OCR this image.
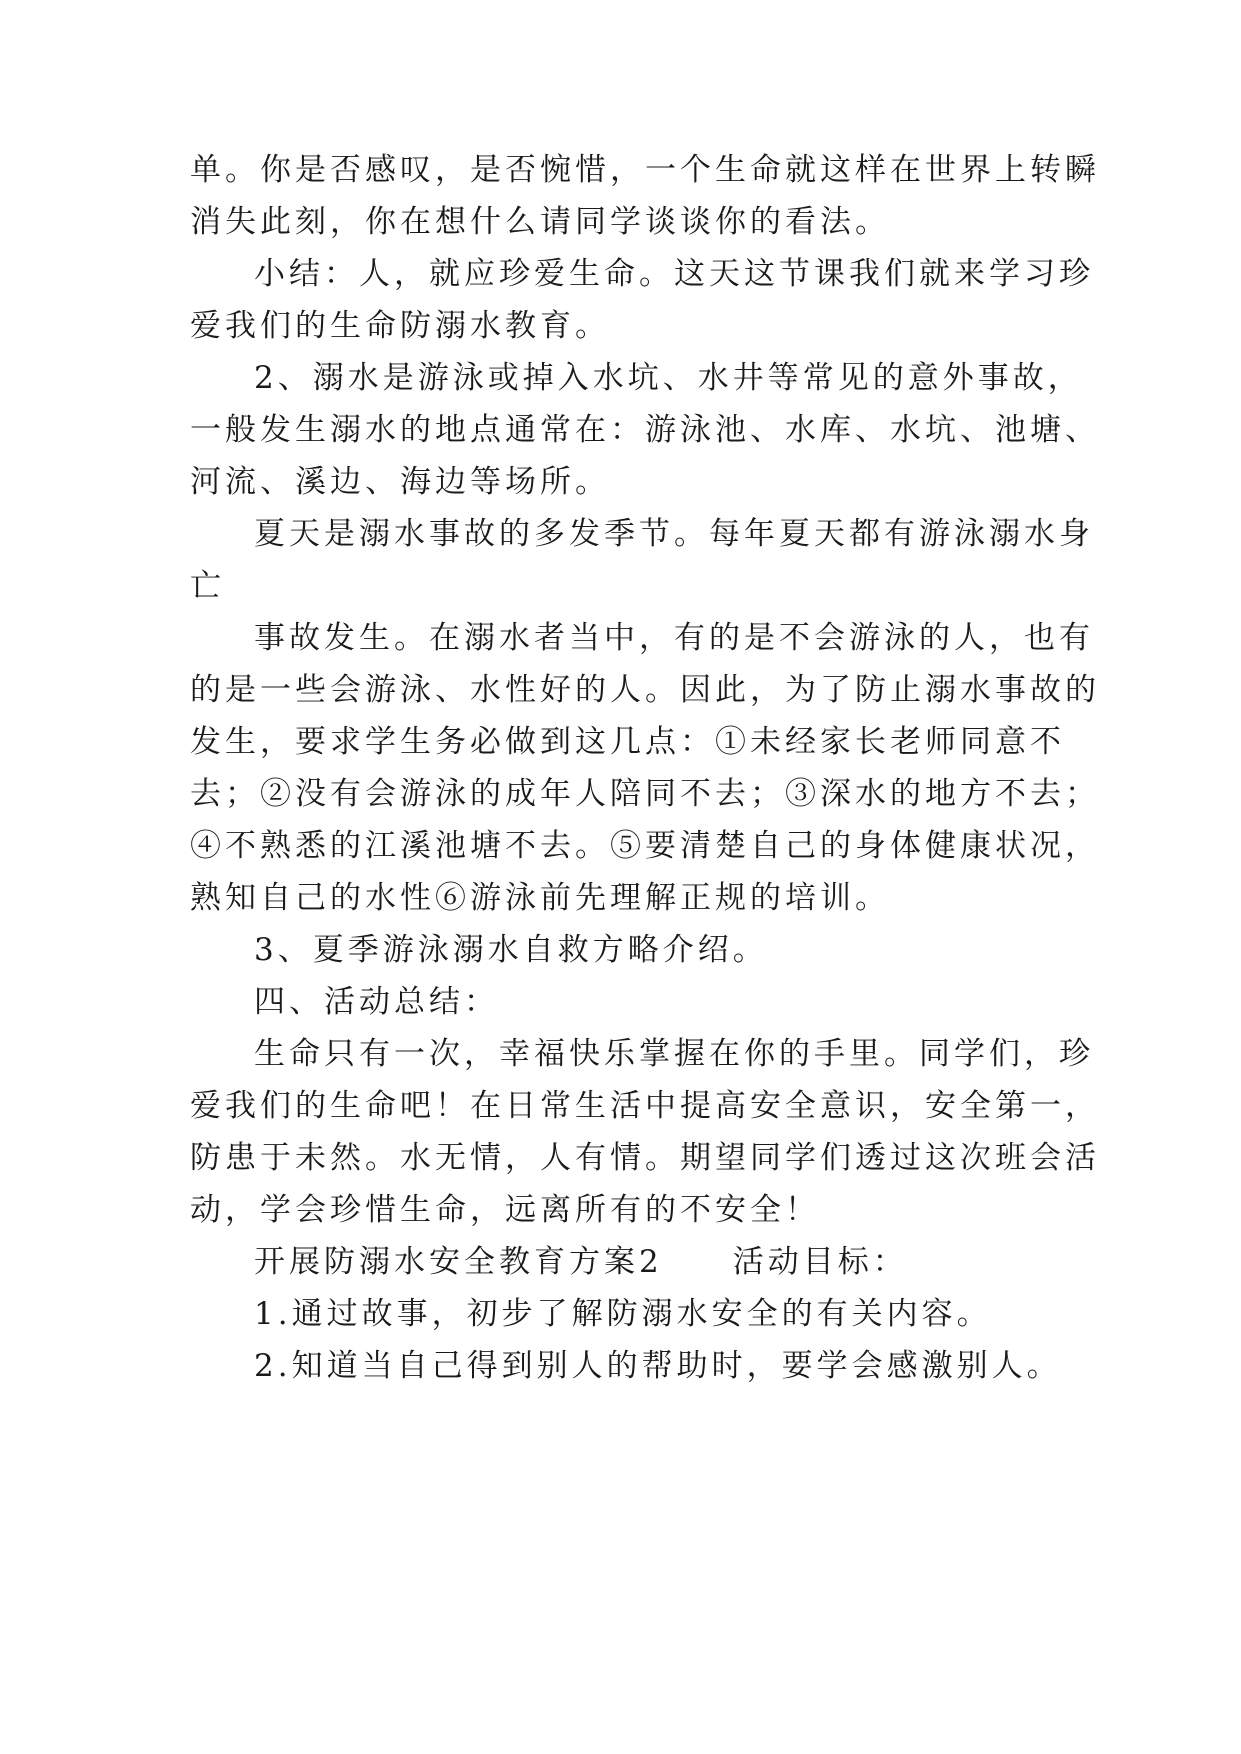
单。你是否感叹，是否惋惜，一个生命就这样在世界上转瞬
消失此刻，你在想什么请同学谈谈你的看法。
小结：人，就应珍爱生命。这天这节课我们就来学习珍
爱我们的生命防溺水教育。
2、溺水是游泳或掉入水坑、水井等常见的意外事故，
一般发生溺水的地点通常在：游泳池、水库、水坑、池塘、
河流、溪边、海边等场所。
夏天是溺水事故的多发季节。每年夏天都有游泳溺水身
亡
事故发生。在溺水者当中，有的是不会游泳的人，也有
的是一些会游泳、水性好的人。因此，为了防止溺水事故的
发生，要求学生务必做到这几点：①未经家长老师同意不
去；②没有会游泳的成年人陪同不去；③深水的地方不去；
④不熟悉的江溪池塘不去。⑤要清楚自己的身体健康状况，
熟知自己的水性⑥游泳前先理解正规的培训。
3、夏季游泳溺水自救方略介绍。
四、活动总结：
生命只有一次，幸福快乐掌握在你的手里。同学们，珍
爱我们的生命吧！在日常生活中提高安全意识，安全第一，
防患于未然。水无情，人有情。期望同学们透过这次班会活
动，学会珍惜生命，远离所有的不安全！
开展防溺水安全教育方案2　　活动目标：
1.通过故事，初步了解防溺水安全的有关内容。
2.知道当自己得到别人的帮助时，要学会感激别人。
